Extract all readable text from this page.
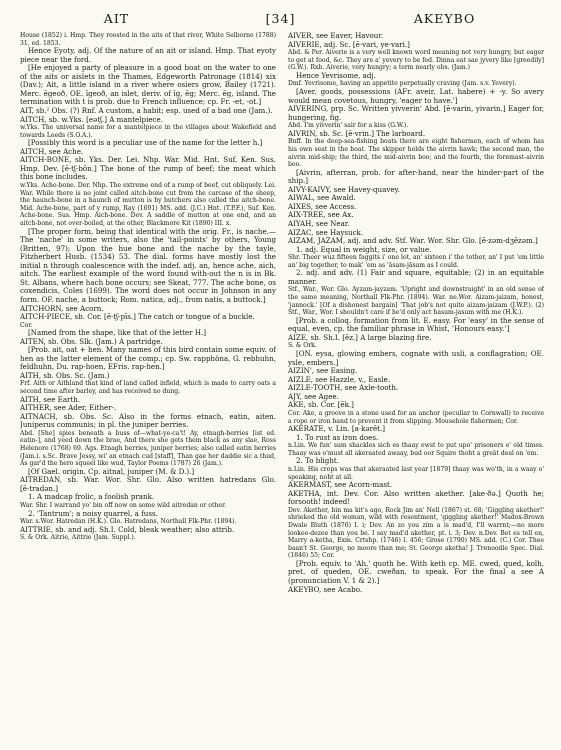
AIT	[34]	AKEYBO

House (1852) i. Hmp. They roosted in the aits of that river, White Selborne (1788) 31, ed. 1853.

Hence Eyoty, adj. Of the nature of an ait or island. Hmp. That eyoty piece near the ford.

[He enjoyed a party of pleasure in a good boat on the water to one of the aits or aislets in the Thames, Edgeworth Patronage (1814) xix (Dav.); Ait, a little island in a river where osiers grow, Bailey (1721). Merc. ēgeoð, OE. īgeoð, an islet, deriv. of īg, ēg; Merc. ēg, island. The termination with t is prob. due to French influence; cp. Fr. -et, -ot.]

AIT, sb.² Obs. (?) Rnf. A custom, a habit; esp. used of a bad one (Jam.).

AITCH, sb. w.Yks. [eətʃ.] A mantelpiece.

w.Yks. The universal name for a mantelpiece in the villages about Wakefield and towards Leeds (S.O.A.).

[Possibly this word is a peculiar use of the name for the letter h.]

AITCH, see Ache.

AITCH-BONE, sb. Yks. Der. Lei. Nhp. War. Mid. Hnt. Suf. Ken. Sus. Hmp. Dev. [ē·tʃ-bōn.] The bone of the rump of beef; the meat which this bone includes.

w.Yks. Ache-bone. Der. Nhp. The extreme end of a rump of beef, cut obliquely. Lei. War. While there is no joint called aitch-bone cut from the carcase of the sheep, the haunch-bone in a haunch of mutton is by butchers also called the aitch-bone. Mid. Ache-bone, part of y rump, Ray (1691) MS. add. (J.C.) Hnt. (T.P.F.), Suf. Ken. Ache-bone. Sus. Hmp. Aich-bone. Dev. A saddle of mutton at one end, and an aitch-bone, not over-boiled, at the other, Blackmore Kit (1890) III. x.

[The proper form, being that identical with the orig. Fr., is nache.—The 'nache' in some writers, also the 'tail-points' by others, Young (Britten, 97); Upon the hue bone and the nache by the tayle, Fitzherbert Husb. (1534) 53. The dial. forms have mostly lost the initial n through coalescence with the indef. adj. an, hence ache, aich, aitch. The earliest example of the word found with-out the n is in Bk. St. Albans, where hach bone occurs; see Skeat, 777. The ache bone, os coxendicis, Coles (1699). The word does not occur in Johnson in any form. OF. nache, a buttock; Rom. natica, adj., from natis, a buttock.]

AITCHORN, see Acorn.

AITCH-PIECE, sb. Cor. [ē·tʃ-pīs.] The catch or tongue of a buckle.

Cor.

[Named from the shape, like that of the letter H.]

AITEN, sb. Obs. Slk. (Jam.) A partridge.

[Prob. ait, oat + hen. Many names of this bird contain some equiv. of hen as the latter element of the comp.; cp. Sw. rapphöna, G. rebhuhn, feldhuhn, Du. rap-hoen, EFris. rap-hen.]

AITH, sb. Obs. Sc. (Jam.)

Frf. Aith or Aithland that kind of land called infield, which is made to carry oats a second time after barley, and has received no dung.

AITH, see Earth.

AITHER, see Ader, Either-.

AITNACH, sb. Obs. Sc. Also in the forms etnach, eatin, aiten. Juniperus communis; in pl. the juniper berries.

Abd. [She] spies beneath a buss of—what-ye-ca't! Ay, etnagh-berries [ist ed. eatin-], and yeed down the brae, And there she gets them black as any slae, Ross Helenore (1768) 69. Ags. Etnagh berries, juniper berries; also called eatin berries (Jam.). s.Sc. Brave Jessy, wi' an etnach cud [staff], Than gae her daddie sic a thud, As gar'd the hero squeel like wud, Taylor Poems (1787) 26 (Jam.).

[Of Gael. origin. Cp. aitnal, juniper (M. & D.).]

AITREDAN, sb. War. Wor. Shr. Glo. Also written hatredans Glo. [ē·tradən.]

1. A madcap frolic, a foolish prank.

War. Shr. I warrand yo' bin off now on some wild aitredan or other.

2. 'Tantrum'; a noisy quarrel, a fuss.

War. s.Wor. Hatredan (H.K.). Glo. Hatredans, Northall Flk-Phr. (1894).

AITTRIE, sb. and adj. Sh.I. Cold, bleak weather; also attrib.

S. & Ork. Aitrie, Aittrie (Jam. Suppl.).

AIVER, see Eaver, Havour.

AIVERIE, adj. Sc. [ē·vari, ye·vari.]

Abd. & Per. Aiverie is a very well known word meaning not very hungry, but eager to get at food, &c. They are a' yevery to be fed. Dinna eat sae jyvery like [greedily] (G.W.). Rxb. Aiverie, very hungry; a term nearly obs. (Jam.)

Hence Yevrisome, adj.

Dmf. Yevrisome, having an appetite perpetually craving (Jam. s.v. Yevery).

[Aver, goods, possessions (AFr. aveir, Lat. habere) + -y. So avery would mean covetous, hungry, 'eager to have.']

AIVERING, prp. Sc. Written yivverin' Abd. [ē·varin, yivarin.] Eager for, hungering, fig.

Abd. I'm yivverin' sair for a kiss (G.W.).

AIVRIN, sb. Sc. [ē·vrin.] The larboard.

Bnff. In the deep-sea-fishing boats there are eight fishermen, each of whom has his own seat in the boat. The skipper holds the aivrin hawk; the second man, the aivrin mid-ship; the third, the mid-aivrin boo; and the fourth, the foremast-aivrin boo.

[Aivrin, afterran, prob. for after-hand, near the hinder-part of the ship.]

AIVY-KAIVY, see Havey-quavey.

AIWAL, see Awald.

AIXES, see Access.

AIX-TREE, see Ax.

AIYAH, see Near.

AIZAC, see Haysuck.

AIZAM, JAZAM, adj. and adv. Stf. War. Wor. Shr. Glo. [ē·zəm-dʒēzəm.]

1. adj. Equal in weight, size, or value.

Shr. Theer wuz fifteen faggits i' one lot, an' sixteen i' the tother, an' I put 'em little an' big together, to mak' 'em as 'āsam-jāsam as I could.

2. adj. and adv. (1) Fair and square, equitable; (2) in an equitable manner.

Stf., War., Wor. Glo. Ayzam-jayzam. 'Upright and downstraight' in an old sense of the same meaning, Northall Flk-Phr. (1894). War. ne.Wor. Aizam-jaizam, honest, 'jannock.' [Of a dishonest bargain] 'That job's not quite aizam-jaizam (J.W.P.). (2) Stf., War., Wor. I shouldn't care if he'd only act hasum-jasum with me (H.K.).

[Prob. a colloq. formation from lit. E. easy. For 'easy' in the sense of equal, even, cp. the familiar phrase in Whist, 'Honours easy.']

AIZE, sb. Sh.I. [ēz.] A large blazing fire.

S. & Ork.

[ON. eysa, glowing embers, cognate with usli, a conflagration; OE. ysle, embers.]

AIZIN', see Easing.

AIZLE, see Hazzle, v., Easle.

AIZLE-TOOTH, see Axle-tooth.

AJY, see Agee.

AKE, sb. Cor. [ēk.]

Cor. Ake, a groove in a stone used for an anchor (peculiar to Cornwall) to receive a rope or iron band to prevent it from slipping. Mousehole fishermen; Cor.

AKERATE, v. Lin. [a·kərēt.]

1. To rust as iron does.

n.Lin. We fun' sum shackles sich es thaay ewst to put upo' prisoners e' old times. Thaay was o'must all akeraated awaay, bud oor Squire thoht a greät deal on 'em.

2. To blight.

n.Lin. His crops was that akeraated last year [1879] thaay was wo'th, in a waay o' speaking, noht at all.

AKERMAST, see Acorn-mast.

AKETHA, int. Dev. Cor. Also written akether. [ake·ðə.] Quoth he; forsooth! indeed!

Dev. Akether, bin ma kit's ago, Rock Jim an' Nell (1867) st. 68; 'Giggling akether!' shrieked the old woman, wild with resentment, 'giggling akether!' Madox-Brown Dwale Bluth (1876) I. i; Dev. An zo you zim a is mad'd, I'll warrnt;—no more lookee-dezee than you be. I say mad'd akether, pt. i. 3; Dev. n.Dev. Bet es tell en, Marry a-ketha, Exm. Crtshp. (1746) l. 456; Grose (1790) MS. add. (C.) Cor. Thee baan't St. George, no moore than me; St. George aketha! J. Trenoodle Spec. Dial. (1846) 55; Cor.

[Prob. equiv. to 'Ah,' quoth he. With keth cp. ME. cwed, qued, kolh, pret. of queden, OE. cweðan, to speak. For the final a see A (pronunciation V. 1 & 2).]

AKEYBO, see Acabo.
